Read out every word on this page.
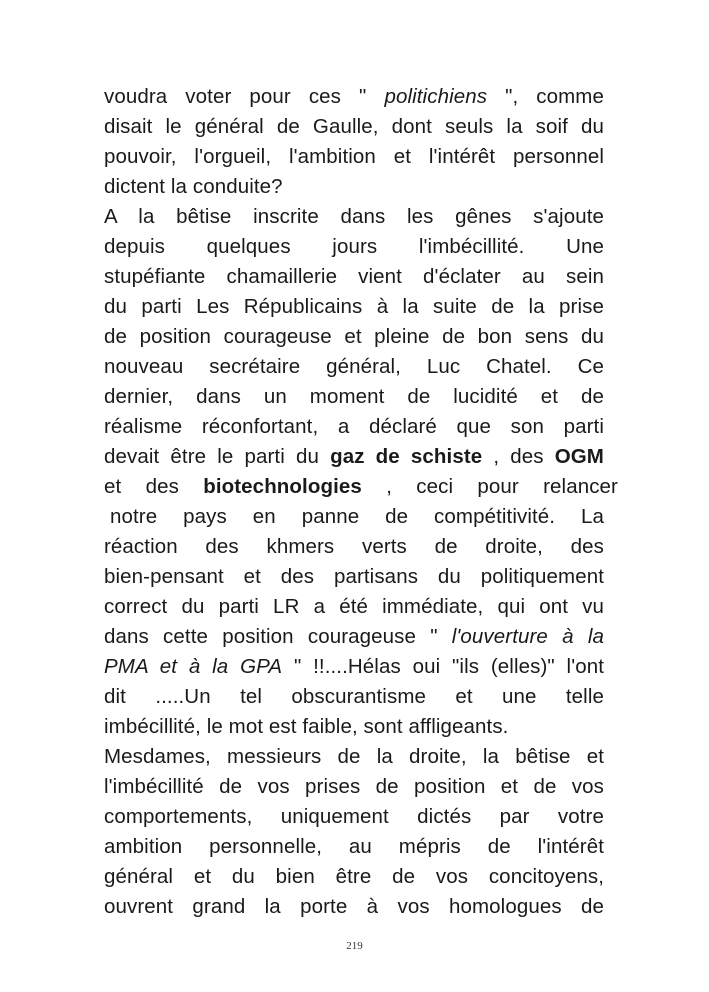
voudra voter pour ces " politichiens ", comme
disait le général de Gaulle, dont seuls la soif du
pouvoir, l'orgueil, l'ambition et l'intérêt personnel
dictent la conduite?
A la bêtise inscrite dans les gênes s'ajoute
depuis quelques jours l'imbécillité. Une
stupéfiante chamaillerie vient d'éclater au sein
du parti Les Républicains à la suite de la prise
de position courageuse et pleine de bon sens du
nouveau secrétaire général, Luc Chatel. Ce
dernier, dans un moment de lucidité et de
réalisme réconfortant, a déclaré que son parti
devait être le parti du gaz de schiste , des OGM
et des biotechnologies , ceci pour relancer
notre pays en panne de compétitivité. La
réaction des khmers verts de droite, des
bien-pensant et des partisans du politiquement
correct du parti LR a été immédiate, qui ont vu
dans cette position courageuse " l'ouverture à la
PMA et à la GPA " !!....Hélas oui "ils (elles)" l'ont
dit .....Un tel obscurantisme et une telle
imbécillité, le mot est faible, sont affligeants.
Mesdames, messieurs de la droite, la bêtise et
l'imbécillité de vos prises de position et de vos
comportements, uniquement dictés par votre
ambition personnelle, au mépris de l'intérêt
général et du bien être de vos concitoyens,
ouvrent grand la porte à vos homologues de
219
